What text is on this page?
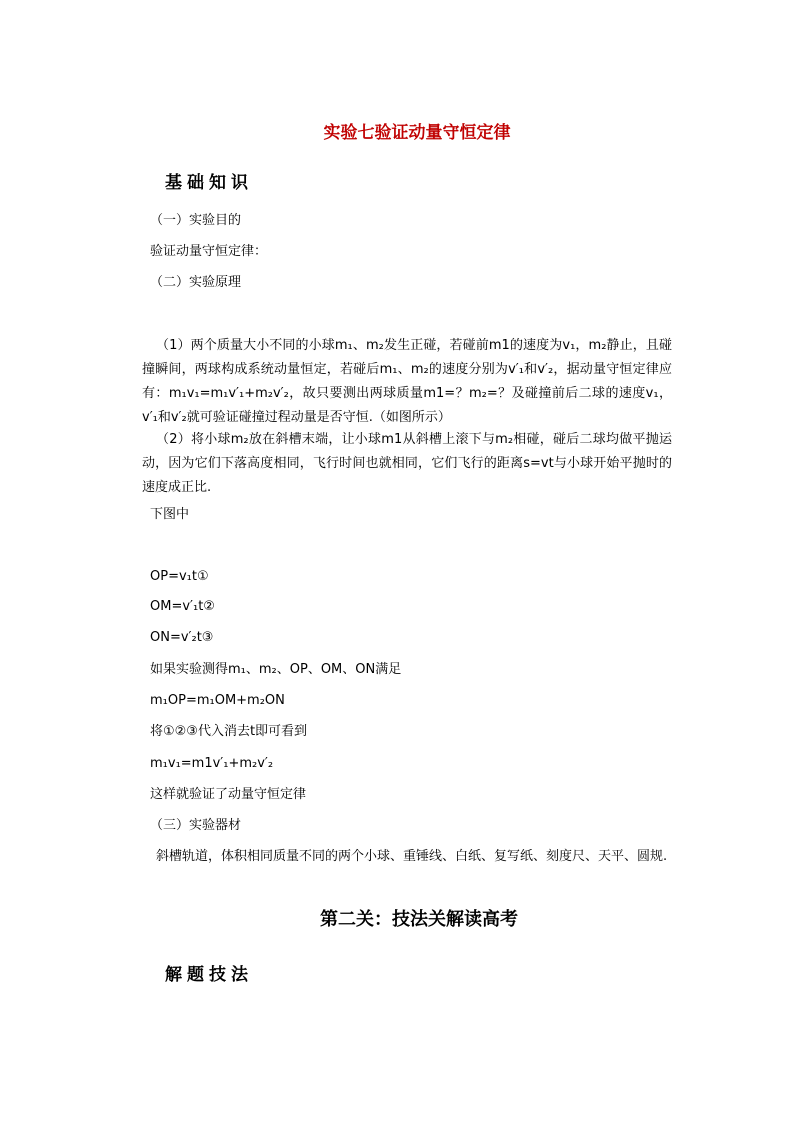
实验七验证动量守恒定律
基础知识
（一）实验目的
验证动量守恒定律：
（二）实验原理
（1）两个质量大小不同的小球m₁、m₂发生正碰，若碰前m1的速度为v₁，m₂静止，且碰撞瞬间，两球构成系统动量恒定，若碰后m₁、m₂的速度分别为v′₁和v′₂，据动量守恒定律应有：m₁v₁=m₁v′₁+m₂v′₂，故只要测出两球质量m1=？m₂=？及碰撞前后二球的速度v₁，v′₁和v′₂就可验证碰撞过程动量是否守恒.（如图所示）
（2）将小球m₂放在斜槽末端，让小球m1从斜槽上滚下与m₂相碰，碰后二球均做平抛运动，因为它们下落高度相同，飞行时间也就相同，它们飞行的距离s=vt与小球开始平抛时的速度成正比.
下图中
OP=v₁t①
OM=v′₁t②
ON=v′₂t③
如果实验测得m₁、m₂、OP、OM、ON满足
m₁OP=m₁OM+m₂ON
将①②③代入消去t即可看到
m₁v₁=m1v′₁+m₂v′₂
这样就验证了动量守恒定律
（三）实验器材
斜槽轨道，体积相同质量不同的两个小球、重锤线、白纸、复写纸、刻度尺、天平、圆规.
第二关：技法关解读高考
解题技法
